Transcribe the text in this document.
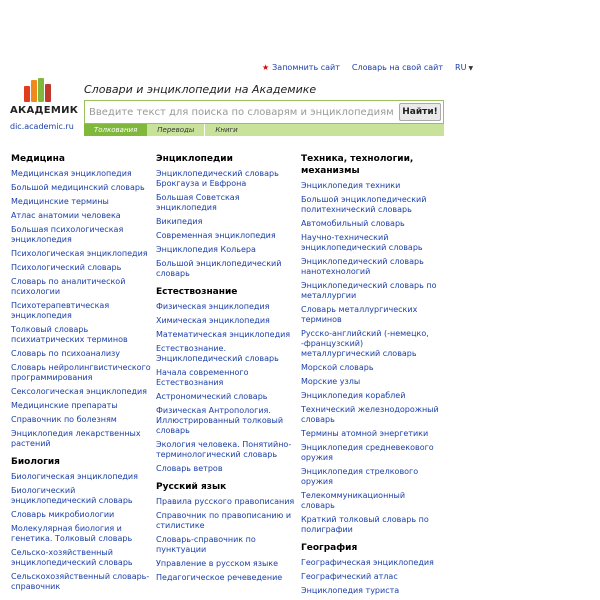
★ Запомнить сайт Словарь на свой сайт RU ▼
АКАДЕМИК
dic.academic.ru
Словари и энциклопедии на Академике
Введите текст для поиска по словарям и энциклопедиям
Найти!
Толкования	Переводы	Книги
Медицина
Медицинская энциклопедия
Большой медицинский словарь
Медицинские термины
Атлас анатомии человека
Большая психологическая энциклопедия
Психологическая энциклопедия
Психологический словарь
Словарь по аналитической психологии
Психотерапевтическая энциклопедия
Толковый словарь психиатрических терминов
Словарь по психоанализу
Словарь нейролингвистического программирования
Сексологическая энциклопедия
Медицинские препараты
Справочник по болезням
Энциклопедия лекарственных растений
Биология
Биологическая энциклопедия
Биологический энциклопедический словарь
Словарь микробиологии
Молекулярная биология и генетика. Толковый словарь
Сельско-хозяйственный энциклопедический словарь
Сельскохозяйственный словарь-справочник
Энциклопедии
Энциклопедический словарь Брокгауза и Евфрона
Большая Советская энциклопедия
Википедия
Современная энциклопедия
Энциклопедия Кольера
Большой энциклопедический словарь
Естествознание
Физическая энциклопедия
Химическая энциклопедия
Математическая энциклопедия
Естествознание. Энциклопедический словарь
Начала современного Естествознания
Астрономический словарь
Физическая Антропология. Иллюстрированный толковый словарь
Экология человека. Понятийно-терминологический словарь
Словарь ветров
Русский язык
Правила русского правописания
Справочник по правописанию и стилистике
Словарь-справочник по пунктуации
Управление в русском языке
Педагогическое речеведение
Техника, технологии, механизмы
Энциклопедия техники
Большой энциклопедический политехнический словарь
Автомобильный словарь
Научно-технический энциклопедический словарь
Энциклопедический словарь нанотехнологий
Энциклопедический словарь по металлургии
Словарь металлургических терминов
Русско-английский (-немецко, -французский) металлургический словарь
Морской словарь
Морские узлы
Энциклопедия кораблей
Технический железнодорожный словарь
Термины атомной энергетики
Энциклопедия средневекового оружия
Энциклопедия стрелкового оружия
Телекоммуникационный словарь
Краткий толковый словарь по полиграфии
География
Географическая энциклопедия
Географический атлас
Энциклопедия туриста
